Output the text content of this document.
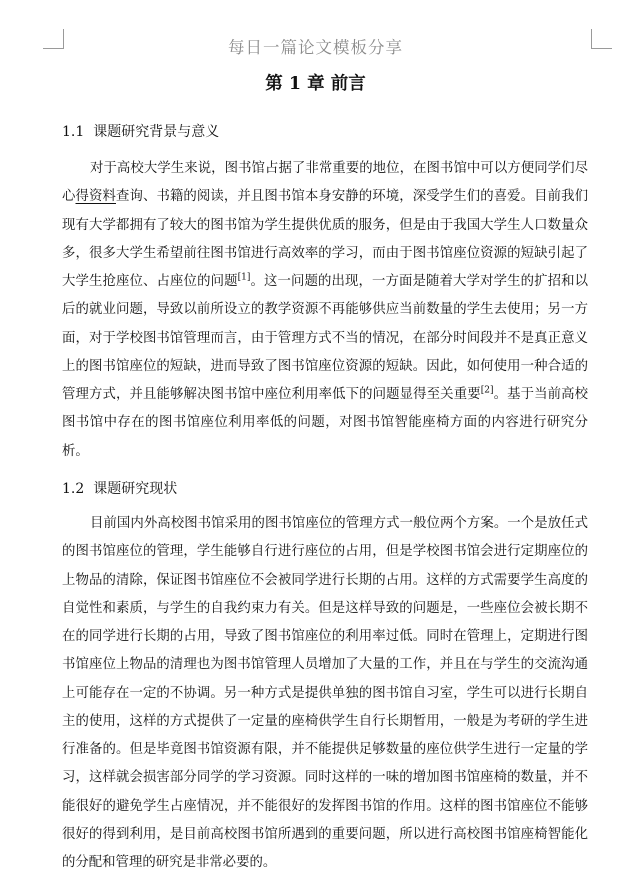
每日一篇论文模板分享
第 1 章 前言
1.1 课题研究背景与意义

对于高校大学生来说，图书馆占据了非常重要的地位，在图书馆中可以方便同学们尽心得资料查询、书籍的阅读，并且图书馆本身安静的环境，深受学生们的喜爱。目前我们现有大学都拥有了较大的图书馆为学生提供优质的服务，但是由于我国大学生人口数量众多，很多大学生希望前往图书馆进行高效率的学习，而由于图书馆座位资源的短缺引起了大学生抢座位、占座位的问题[1]。这一问题的出现，一方面是随着大学对学生的扩招和以后的就业问题，导致以前所设立的教学资源不再能够供应当前数量的学生去使用；另一方面，对于学校图书馆管理而言，由于管理方式不当的情况，在部分时间段并不是真正意义上的图书馆座位的短缺，进而导致了图书馆座位资源的短缺。因此，如何使用一种合适的管理方式，并且能够解决图书馆中座位利用率低下的问题显得至关重要[2]。基于当前高校图书馆中存在的图书馆座位利用率低的问题，对图书馆智能座椅方面的内容进行研究分析。

1.2 课题研究现状

目前国内外高校图书馆采用的图书馆座位的管理方式一般位两个方案。一个是放任式的图书馆座位的管理，学生能够自行进行座位的占用，但是学校图书馆会进行定期座位的上物品的清除，保证图书馆座位不会被同学进行长期的占用。这样的方式需要学生高度的自觉性和素质，与学生的自我约束力有关。但是这样导致的问题是，一些座位会被长期不在的同学进行长期的占用，导致了图书馆座位的利用率过低。同时在管理上，定期进行图书馆座位上物品的清理也为图书馆管理人员增加了大量的工作，并且在与学生的交流沟通上可能存在一定的不协调。另一种方式是提供单独的图书馆自习室，学生可以进行长期自主的使用，这样的方式提供了一定量的座椅供学生自行长期暂用，一般是为考研的学生进行准备的。但是毕竟图书馆资源有限，并不能提供足够数量的座位供学生进行一定量的学习，这样就会损害部分同学的学习资源。同时这样的一味的增加图书馆座椅的数量，并不能很好的避免学生占座情况，并不能很好的发挥图书馆的作用。这样的图书馆座位不能够很好的得到利用，是目前高校图书馆所遇到的重要问题，所以进行高校图书馆座椅智能化的分配和管理的研究是非常必要的。
